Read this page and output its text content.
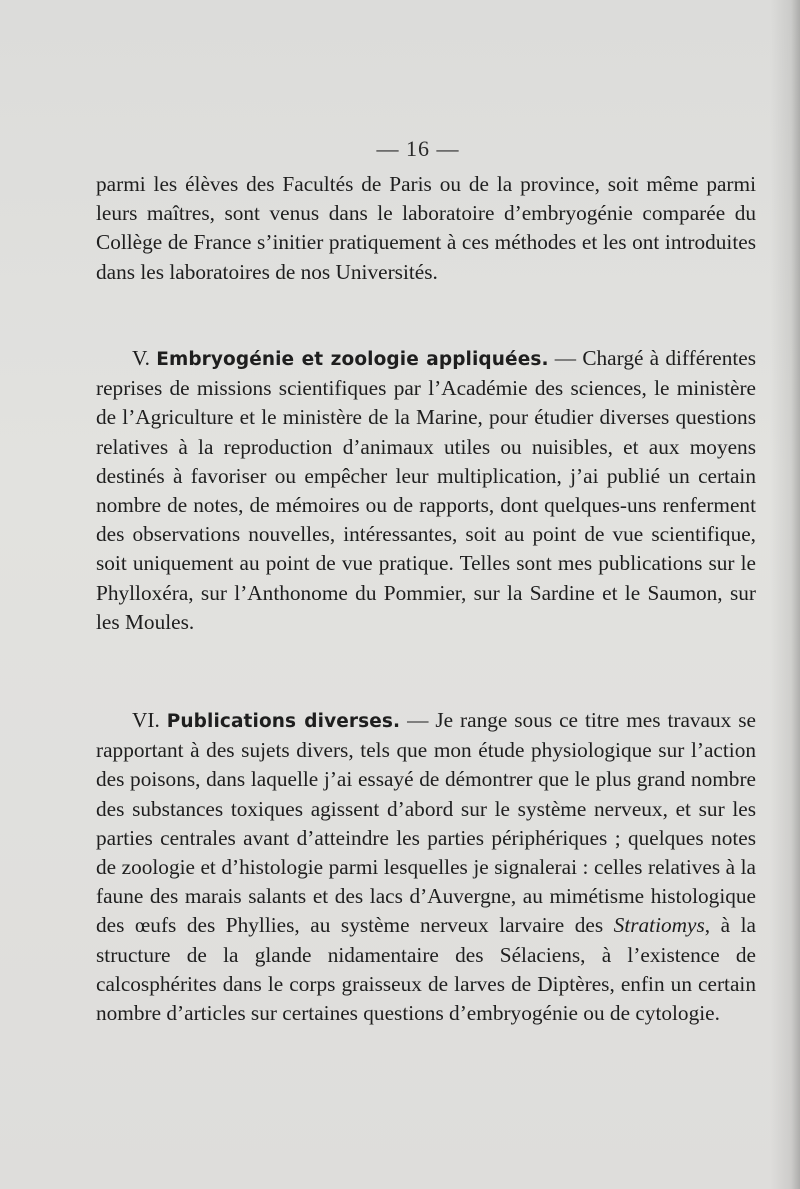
— 16 —

parmi les élèves des Facultés de Paris ou de la province, soit même parmi leurs maîtres, sont venus dans le laboratoire d’embryogénie comparée du Collège de France s’initier pratiquement à ces méthodes et les ont introduites dans les laboratoires de nos Universités.

V. Embryogénie et zoologie appliquées. — Chargé à différentes reprises de missions scientifiques par l’Académie des sciences, le ministère de l’Agriculture et le ministère de la Marine, pour étudier diverses questions relatives à la reproduction d’animaux utiles ou nuisibles, et aux moyens destinés à favoriser ou empêcher leur multiplication, j’ai publié un certain nombre de notes, de mémoires ou de rapports, dont quelques-uns renferment des observations nouvelles, intéressantes, soit au point de vue scientifique, soit uniquement au point de vue pratique. Telles sont mes publications sur le Phylloxéra, sur l’Anthonome du Pommier, sur la Sardine et le Saumon, sur les Moules.

VI. Publications diverses. — Je range sous ce titre mes travaux se rapportant à des sujets divers, tels que mon étude physiologique sur l’action des poisons, dans laquelle j’ai essayé de démontrer que le plus grand nombre des substances toxiques agissent d’abord sur le système nerveux, et sur les parties centrales avant d’atteindre les parties périphériques ; quelques notes de zoologie et d’histologie parmi lesquelles je signalerai : celles relatives à la faune des marais salants et des lacs d’Auvergne, au mimétisme histologique des œufs des Phyllies, au système nerveux larvaire des Stratiomys, à la structure de la glande nidamentaire des Sélaciens, à l’existence de calcosphérites dans le corps graisseux de larves de Diptères, enfin un certain nombre d’articles sur certaines questions d’embryogénie ou de cytologie.
